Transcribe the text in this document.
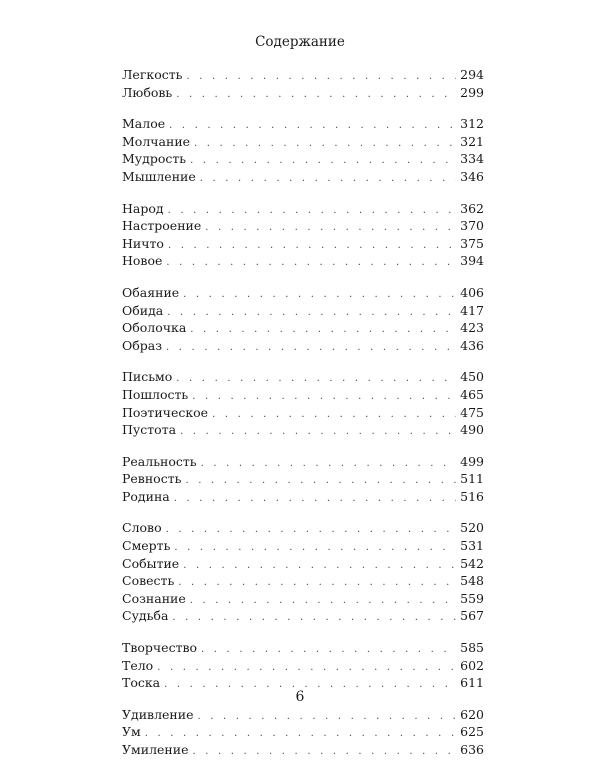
Содержание
Легкость . . .	294
Любовь . . .	299
Малое . . .	312
Молчание . . .	321
Мудрость . . .	334
Мышление . . .	346
Народ . . .	362
Настроение . . .	370
Ничто . . .	375
Новое . . .	394
Обаяние . . .	406
Обида . . .	417
Оболочка . . .	423
Образ . . .	436
Письмо . . .	450
Пошлость . . .	465
Поэтическое . . .	475
Пустота . . .	490
Реальность . . .	499
Ревность . . .	511
Родина . . .	516
Слово . . .	520
Смерть . . .	531
Событие . . .	542
Совесть . . .	548
Сознание . . .	559
Судьба . . .	567
Творчество . . .	585
Тело . . .	602
Тоска . . .	611
Удивление . . .	620
Ум . . .	625
Умиление . . .	636
6
